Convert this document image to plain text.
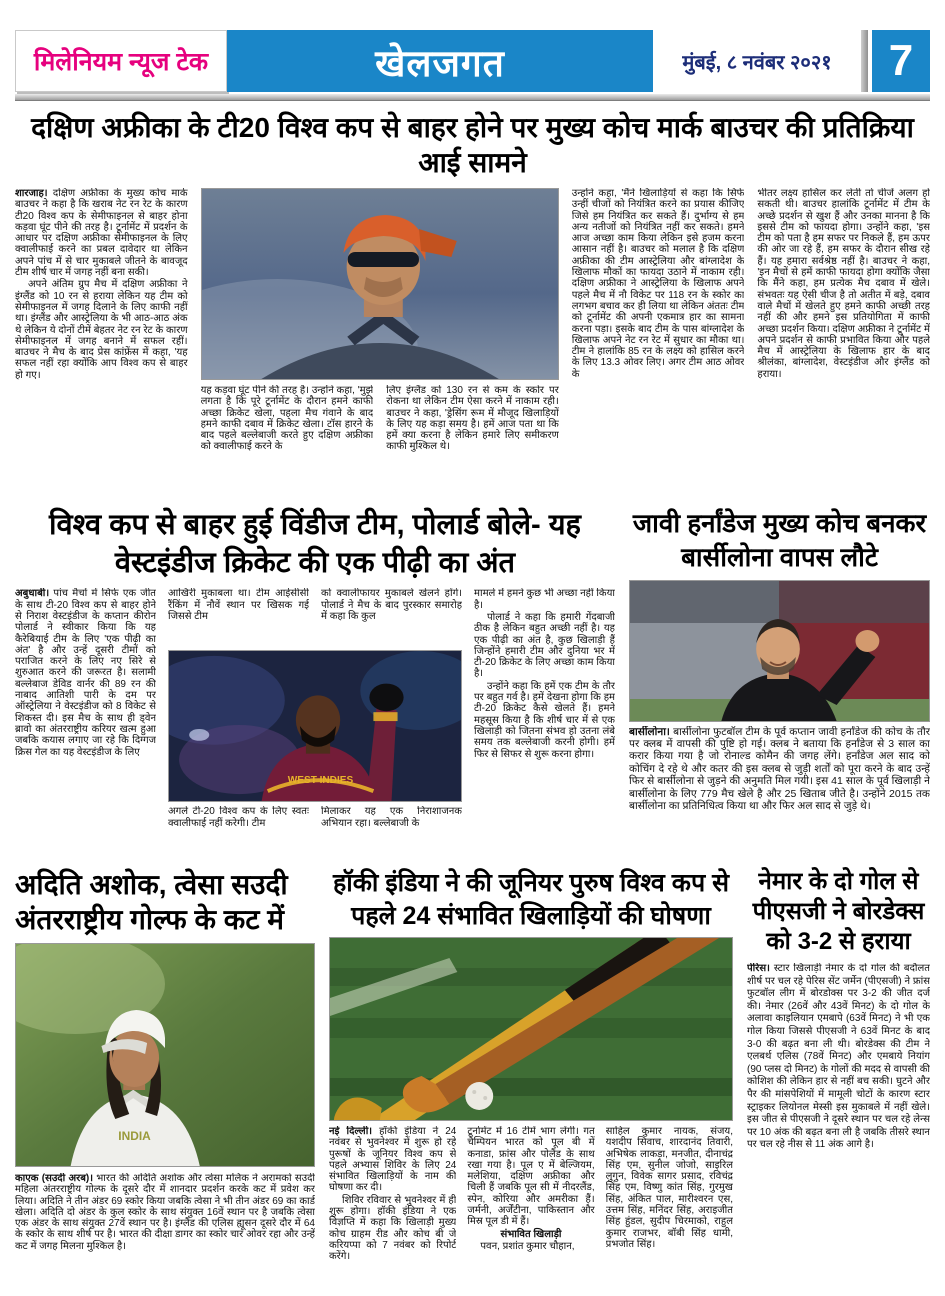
मिलेनियम न्यूज टेक	खेलजगत	मुंबई, ८ नवंबर २०२१	7
दक्षिण अफ्रीका के टी20 विश्व कप से बाहर होने पर मुख्य कोच मार्क बाउचर की प्रतिक्रिया आई सामने

शारजाह। दक्षिण अफ्रीका के मुख्य कोच मार्क बाउचर ने कहा है कि खराब नेट रन रेट के कारण टी20 विश्व कप के सेमीफाइनल से बाहर होना कड़वा घूंट पीने की तरह है। टूर्नामेंट में प्रदर्शन के आधार पर दक्षिण अफ्रीका सेमीफाइनल के लिए क्वालीफाई करने का प्रबल दावेदार था लेकिन अपने पांच में से चार मुकाबले जीतने के बावजूद टीम शीर्ष चार में जगह नहीं बना सकी।

अपने अंतिम ग्रुप मैच में दक्षिण अफ्रीका ने इंग्लैंड को 10 रन से हराया लेकिन यह टीम को सेमीफाइनल में जगह दिलाने के लिए काफी नहीं था। इंग्लैंड और आस्ट्रेलिया के भी आठ-आठ अंक थे लेकिन ये दोनों टीमें बेहतर नेट रन रेट के कारण सेमीफाइनल में जगह बनाने में सफल रहीं। बाउचर ने मैच के बाद प्रेस कांफ्रेंस में कहा, 'यह सफल नहीं रहा क्योंकि आप विश्व कप से बाहर हो गए।

यह कड़वा घूंट पीने की तरह है। उन्होंने कहा, 'मुझे लगता है कि पूरे टूर्नामेंट के दौरान हमने काफी अच्छा क्रिकेट खेला, पहला मैच गंवाने के बाद हमने काफी दबाव में क्रिकेट खेला। टॉस हारने के बाद पहले बल्लेबाजी करते हुए दक्षिण अफ्रीका को क्वालीफाई करने के
लिए इंग्लैंड को 130 रन से कम के स्कोर पर रोकना था लेकिन टीम ऐसा करने में नाकाम रही। बाउचर ने कहा, 'ड्रेसिंग रूम में मौजूद खिलाड़ियों के लिए यह कड़ा समय है। हमें आज पता था कि हमें क्या करना है लेकिन हमारे लिए समीकरण काफी मुश्किल थे।
उन्होंने कहा, 'मैंने खिलाड़ियों से कहा कि सिर्फ उन्हीं चीजों को नियंत्रित करने का प्रयास कीजिए जिसे हम नियंत्रित कर सकते हैं। दुर्भाग्य से हम अन्य नतीजों को नियंत्रित नहीं कर सकते। हमने आज अच्छा काम किया लेकिन इसे हजम करना आसान नहीं है। बाउचर को मलाल है कि दक्षिण अफ्रीका की टीम आस्ट्रेलिया और बांग्लादेश के खिलाफ मौकों का फायदा उठाने में नाकाम रही। दक्षिण अफ्रीका ने आस्ट्रेलिया के खिलाफ अपने पहले मैच में नौ विकेट पर 118 रन के स्कोर का लगभग बचाव कर ही लिया था लेकिन अंततः टीम को टूर्नामेंट की अपनी एकमात्र हार का सामना करना पड़ा। इसके बाद टीम के पास बांग्लादेश के खिलाफ अपने नेट रन रेट में सुधार का मौका था। टीम ने हालांकि 85 रन के लक्ष्य को हासिल करने के लिए 13.3 ओवर लिए। अगर टीम आठ ओवर के
भीतर लक्ष्य हासिल कर लेती तो चीजें अलग हो सकती थी। बाउचर हालांकि टूर्नामेंट में टीम के अच्छे प्रदर्शन से खुश हैं और उनका मानना है कि इससे टीम को फायदा होगा। उन्होंने कहा, 'इस टीम को पता है हम सफर पर निकले हैं, हम ऊपर की ओर जा रहे हैं, हम सफर के दौरान सीख रहे हैं। यह हमारा सर्वश्रेष्ठ नहीं है। बाउचर ने कहा, 'इन मैचों से हमें काफी फायदा होगा क्योंकि जैसा कि मैंने कहा, हम प्रत्येक मैच दबाव में खेले। संभवतः यह ऐसी चीज है तो अतीत में बड़े, दबाव वाले मैचों में खेलते हुए हमने काफी अच्छी तरह नहीं की और हमने इस प्रतियोगिता में काफी अच्छा प्रदर्शन किया। दक्षिण अफ्रीका ने टूर्नामेंट में अपने प्रदर्शन से काफी प्रभावित किया और पहले मैच में आस्ट्रेलिया के खिलाफ हार के बाद श्रीलंका, बांग्लादेश, वेस्टइंडीज और इंग्लैंड को हराया।
विश्व कप से बाहर हुई विंडीज टीम, पोलार्ड बोले- यह वेस्टइंडीज क्रिकेट की एक पीढ़ी का अंत

अबुधाबी। पांच मैचों में सिर्फ एक जीत के साथ टी-20 विश्व कप से बाहर होने से निराश वेस्टइंडीज के कप्तान कीरोन पोलार्ड ने स्वीकार किया कि यह कैरेबियाई टीम के लिए 'एक पीढ़ी का अंत' है और उन्हें दूसरी टीमों को पराजित करने के लिए नए सिरे से शुरुआत करने की जरूरत है। सलामी बल्लेबाज डेविड वार्नर की 89 रन की नाबाद आतिशी पारी के दम पर ऑस्ट्रेलिया ने वेस्टइंडीज को 8 विकेट से शिकस्त दी। इस मैच के साथ ही ड्वेन ब्रावो का अंतरराष्ट्रीय करियर खत्म हुआ जबकि कयास लगाए जा रहे कि दिग्गज क्रिस गेल का यह वेस्टइंडीज के लिए

आखिरी मुकाबला था। टीम आईसीसी रैंकिंग में नौवें स्थान पर खिसक गई जिससे टीम
को क्वालीफायर मुकाबले खेलने होंगे। पोलार्ड ने मैच के बाद पुरस्कार समारोह में कहा कि कुल
WEST INDIES
अगले टी-20 विश्व कप के लिए स्वतः क्वालीफाई नहीं करेगी। टीम
मिलाकर यह एक निराशाजनक अभियान रहा। बल्लेबाजी के

मामले में हमने कुछ भी अच्छा नहीं किया है।

पोलार्ड ने कहा कि हमारी गेंदबाजी ठीक है लेकिन बहुत अच्छी नहीं है। यह एक पीढ़ी का अंत है, कुछ खिलाड़ी हैं जिन्होंने हमारी टीम और दुनिया भर में टी-20 क्रिकेट के लिए अच्छा काम किया है।

उन्होंने कहा कि हमें एक टीम के तौर पर बहुत गर्व है। हमें देखना होगा कि हम टी-20 क्रिकेट कैसे खेलते हैं। हमने महसूस किया है कि शीर्ष चार में से एक खिलाड़ी को जितना संभव हो उतना लंबे समय तक बल्लेबाजी करनी होगी। हमें फिर से सिफर से शुरू करना होगा।

जावी हर्नांडेज मुख्य कोच बनकर बार्सीलोना वापस लौटे

बार्सीलोना। बार्सीलोना फुटबॉल टीम के पूर्व कप्तान जावी हर्नांडेज की कोच के तौर पर क्लब में वापसी की पुष्टि हो गई। क्लब ने बताया कि हर्नांडेज से 3 साल का करार किया गया है जो रोनाल्ड कोमैन की जगह लेंगे। हर्नांडेज अल साद को कोचिंग दे रहे थे और कतर की इस क्लब से जुड़ी शर्तों को पूरा करने के बाद उन्हें फिर से बार्सीलोना से जुड़ने की अनुमति मिल गयी। इस 41 साल के पूर्व खिलाड़ी ने बार्सीलोना के लिए 779 मैच खेले है और 25 खिताब जीते है। उन्होंने 2015 तक बार्सीलोना का प्रतिनिधित्व किया था और फिर अल साद से जुड़े थे।

अदिति अशोक, त्वेसा सउदी अंतरराष्ट्रीय गोल्फ के कट में
INDIA

काएक (सउदी अरब)। भारत की अदिति अशोक और त्वेसा मलिक ने अरामको सउदी महिला अंतरराष्ट्रीय गोल्फ के दूसरे दौर में शानदार प्रदर्शन करके कट में प्रवेश कर लिया। अदिति ने तीन अंडर 69 स्कोर किया जबकि त्वेसा ने भी तीन अंडर 69 का कार्ड खेला। अदिति दो अंडर के कुल स्कोर के साथ संयुक्त 16वें स्थान पर है जबकि त्वेसा एक अंडर के साथ संयुक्त 27वें स्थान पर है। इंग्लैंड की एलिस ह्यूसन दूसरे दौर में 64 के स्कोर के साथ शीर्ष पर है। भारत की दीक्षा डागर का स्कोर चार ओवर रहा और उन्हें कट में जगह मिलना मुश्किल है।

हॉकी इंडिया ने की जूनियर पुरुष विश्व कप से पहले 24 संभावित खिलाड़ियों की घोषणा

नई दिल्ली। हॉकी इंडिया ने 24 नवंबर से भुवनेश्वर में शुरू हो रहे पुरूषों के जूनियर विश्व कप से पहले अभ्यास शिविर के लिए 24 संभावित खिलाड़ियों के नाम की घोषणा कर दी।

शिविर रविवार से भुवनेश्वर में ही शुरू होगा। हॉकी इंडिया ने एक विज्ञप्ति में कहा कि खिलाड़ी मुख्य कोच ग्राहम रीड और कोच बी जे करियप्पा को 7 नवंबर को रिपोर्ट करेंगे।

टूर्नामेंट में 16 टीमें भाग लेंगी। गत चैम्पियन भारत को पूल बी में कनाडा, फ्रांस और पोलैंड के साथ रखा गया है। पूल ए में बेल्जियम, मलेशिया, दक्षिण अफ्रीका और चिली हैं जबकि पूल सी में नीदरलैंड, स्पेन, कोरिया और अमरीका हैं। जर्मनी, अर्जेंटीना, पाकिस्तान और मिस्र पूल डी में हैं।

संभावित खिलाड़ी

पवन, प्रशांत कुमार चौहान,

साहिल कुमार नायक, संजय, यशदीप सिवाच, शारदानंद तिवारी, अभिषेक लाकड़ा, मनजीत, दीनाचंद्र सिंह एम, सुनील जोजो, साइरिल लुगुन, विवेक सागर प्रसाद, रविचंद्र सिंह एम, विष्णु कांत सिंह, गुरमुख सिंह, अंकित पाल, मारीश्वरन एस, उत्तम सिंह, मनिंदर सिंह, अराइजीत सिंह हुंडल, सुदीप चिरमाको, राहुल कुमार राजभर, बॉबी सिंह धामी, प्रभजोत सिंह।
नेमार के दो गोल से पीएसजी ने बोरडेक्स को 3-2 से हराया

पेरिस। स्टार खिलाड़ी नेमार के दो गोल की बदौलत शीर्ष पर चल रहे पेरिस सेंट जर्मेन (पीएसजी) ने फ्रांस फुटबॉल लीग में बोरडोक्स पर 3-2 की जीत दर्ज की। नेमार (26वें और 43वें मिनट) के दो गोल के अलावा काइलियान एमबापे (63वें मिनट) ने भी एक गोल किया जिससे पीएसजी ने 63वें मिनट के बाद 3-0 की बढ़त बना ली थी। बोरडेक्स की टीम ने एलबर्थ एलिस (78वें मिनट) और एमबाये नियांग (90 प्लस दो मिनट) के गोलों की मदद से वापसी की कोशिश की लेकिन हार से नहीं बच सकी। घुटने और पैर की मांसपेशियों में मामूली चोटों के कारण स्टार स्ट्राइकर लियोनल मेस्सी इस मुकाबले में नहीं खेले। इस जीत से पीएसजी ने दूसरे स्थान पर चल रहे लेन्स पर 10 अंक की बढ़त बना ली है जबकि तीसरे स्थान पर चल रहे नीस से 11 अंक आगे है।
